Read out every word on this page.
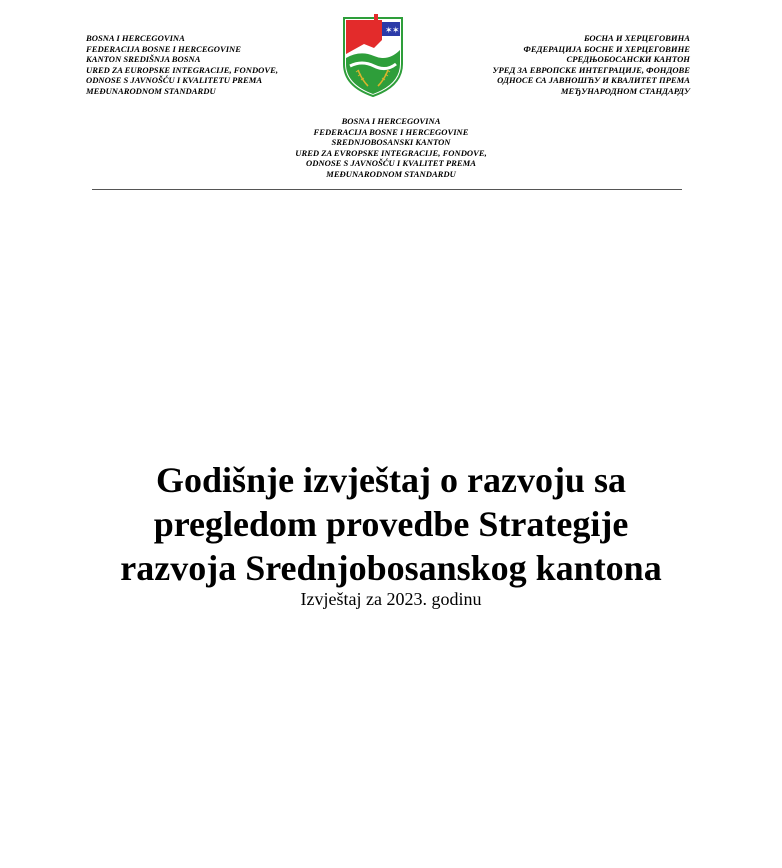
BOSNA I HERCEGOVINA
FEDERACIJA BOSNE I HERCEGOVINE
KANTON SREDIŠNJA BOSNA
URED ZA EUROPSKE INTEGRACIJE, FONDOVE,
ODNOSE S JAVNOŠĆU I KVALITETU PREMA
MEĐUNARODNOM STANDARDU
✶ ✶
БОСНА И ХЕРЦЕГОВИНА
ФЕДЕРАЦИЈА БОСНЕ И ХЕРЦЕГОВИНЕ
СРЕДЊОБОСАНСКИ КАНТОН
УРЕД ЗА ЕВРОПСКЕ ИНТЕГРАЦИЈЕ, ФОНДОВЕ
ОДНОСЕ СА ЈАВНОШЋУ И КВАЛИТЕТ ПРЕМА
МЕЂУНАРОДНОМ СТАНДАРДУ
BOSNA I HERCEGOVINA
FEDERACIJA BOSNE I HERCEGOVINE
SREDNJOBOSANSKI KANTON
URED ZA EVROPSKE INTEGRACIJE, FONDOVE,
ODNOSE S JAVNOŠĆU I KVALITET PREMA
MEĐUNARODNOM STANDARDU
Godišnje izvještaj o razvoju sa
pregledom provedbe Strategije
razvoja Srednjobosanskog kantona
Izvještaj za 2023. godinu
